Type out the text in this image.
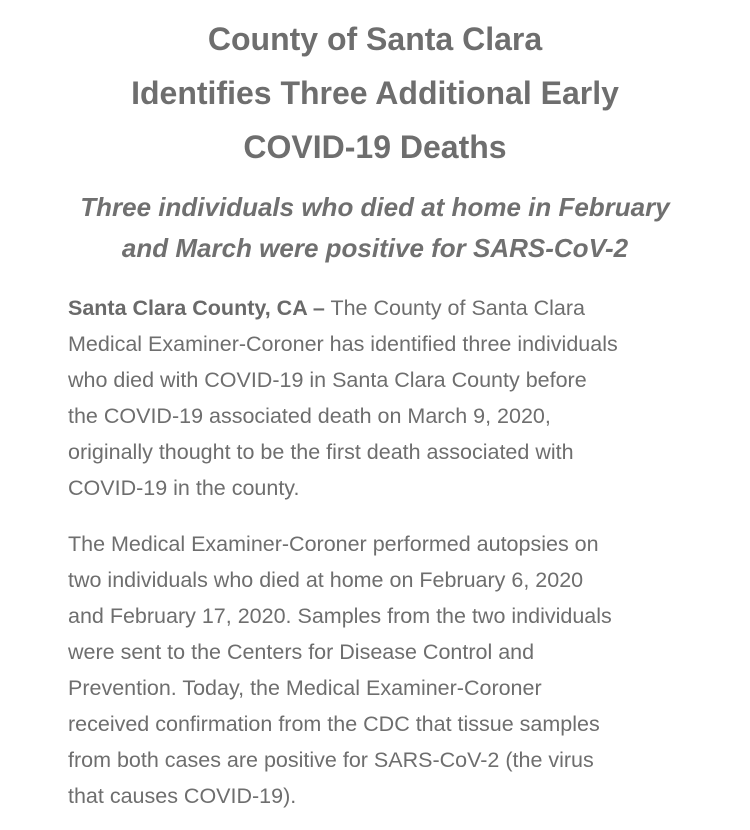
County of Santa Clara
Identifies Three Additional Early
COVID-19 Deaths
Three individuals who died at home in February
and March were positive for SARS-CoV-2

Santa Clara County, CA – The County of Santa Clara
Medical Examiner-Coroner has identified three individuals
who died with COVID-19 in Santa Clara County before
the COVID-19 associated death on March 9, 2020,
originally thought to be the first death associated with
COVID-19 in the county.

The Medical Examiner-Coroner performed autopsies on
two individuals who died at home on February 6, 2020
and February 17, 2020. Samples from the two individuals
were sent to the Centers for Disease Control and
Prevention. Today, the Medical Examiner-Coroner
received confirmation from the CDC that tissue samples
from both cases are positive for SARS-CoV-2 (the virus
that causes COVID-19).
